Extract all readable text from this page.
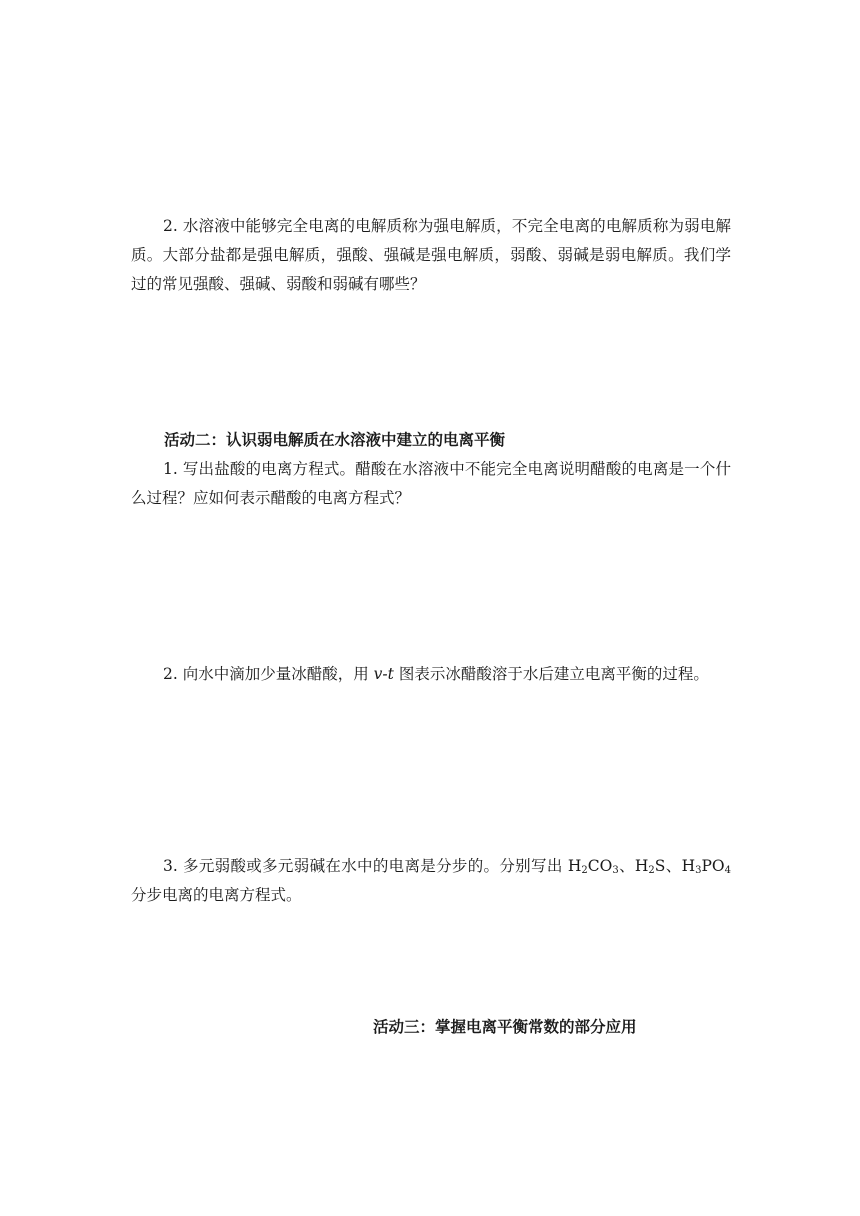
2. 水溶液中能够完全电离的电解质称为强电解质，不完全电离的电解质称为弱电解质。大部分盐都是强电解质，强酸、强碱是强电解质，弱酸、弱碱是弱电解质。我们学过的常见强酸、强碱、弱酸和弱碱有哪些？

活动二：认识弱电解质在水溶液中建立的电离平衡

1. 写出盐酸的电离方程式。醋酸在水溶液中不能完全电离说明醋酸的电离是一个什么过程？应如何表示醋酸的电离方程式？

2. 向水中滴加少量冰醋酸，用 v-t 图表示冰醋酸溶于水后建立电离平衡的过程。

3. 多元弱酸或多元弱碱在水中的电离是分步的。分别写出 $H_2CO_3$、$H_2S$、$H_3PO_4$ 分步电离的电离方程式。

活动三：掌握电离平衡常数的部分应用
